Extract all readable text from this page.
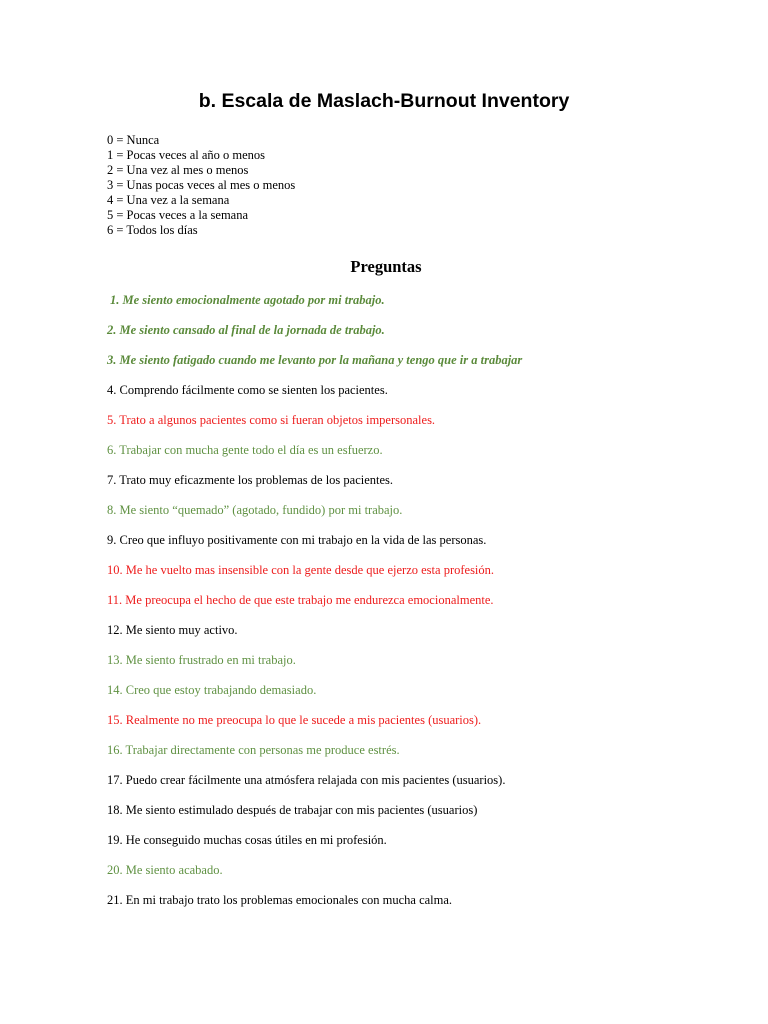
b. Escala de Maslach-Burnout Inventory
0 = Nunca
1 = Pocas veces al año o menos
2 = Una vez al mes o menos
3 = Unas pocas veces al mes o menos
4 = Una vez a la semana
5 = Pocas veces a la semana
6 = Todos los días
Preguntas
1. Me siento emocionalmente agotado por mi trabajo.
2. Me siento cansado al final de la jornada de trabajo.
3. Me siento fatigado cuando me levanto por la mañana y tengo que ir a trabajar
4. Comprendo fácilmente como se sienten los pacientes.
5. Trato a algunos pacientes como si fueran objetos impersonales.
6. Trabajar con mucha gente todo el día es un esfuerzo.
7. Trato muy eficazmente los problemas de los pacientes.
8. Me siento “quemado” (agotado, fundido) por mi trabajo.
9. Creo que influyo positivamente con mi trabajo en la vida de las personas.
10. Me he vuelto mas insensible con la gente desde que ejerzo esta profesión.
11. Me preocupa el hecho de que este trabajo me endurezca emocionalmente.
12. Me siento muy activo.
13. Me siento frustrado en mi trabajo.
14. Creo que estoy trabajando demasiado.
15. Realmente no me preocupa lo que le sucede a mis pacientes (usuarios).
16. Trabajar directamente con personas me produce estrés.
17. Puedo crear fácilmente una atmósfera relajada con mis pacientes (usuarios).
18. Me siento estimulado después de trabajar con mis pacientes (usuarios)
19. He conseguido muchas cosas útiles en mi profesión.
20. Me siento acabado.
21. En mi trabajo trato los problemas emocionales con mucha calma.
